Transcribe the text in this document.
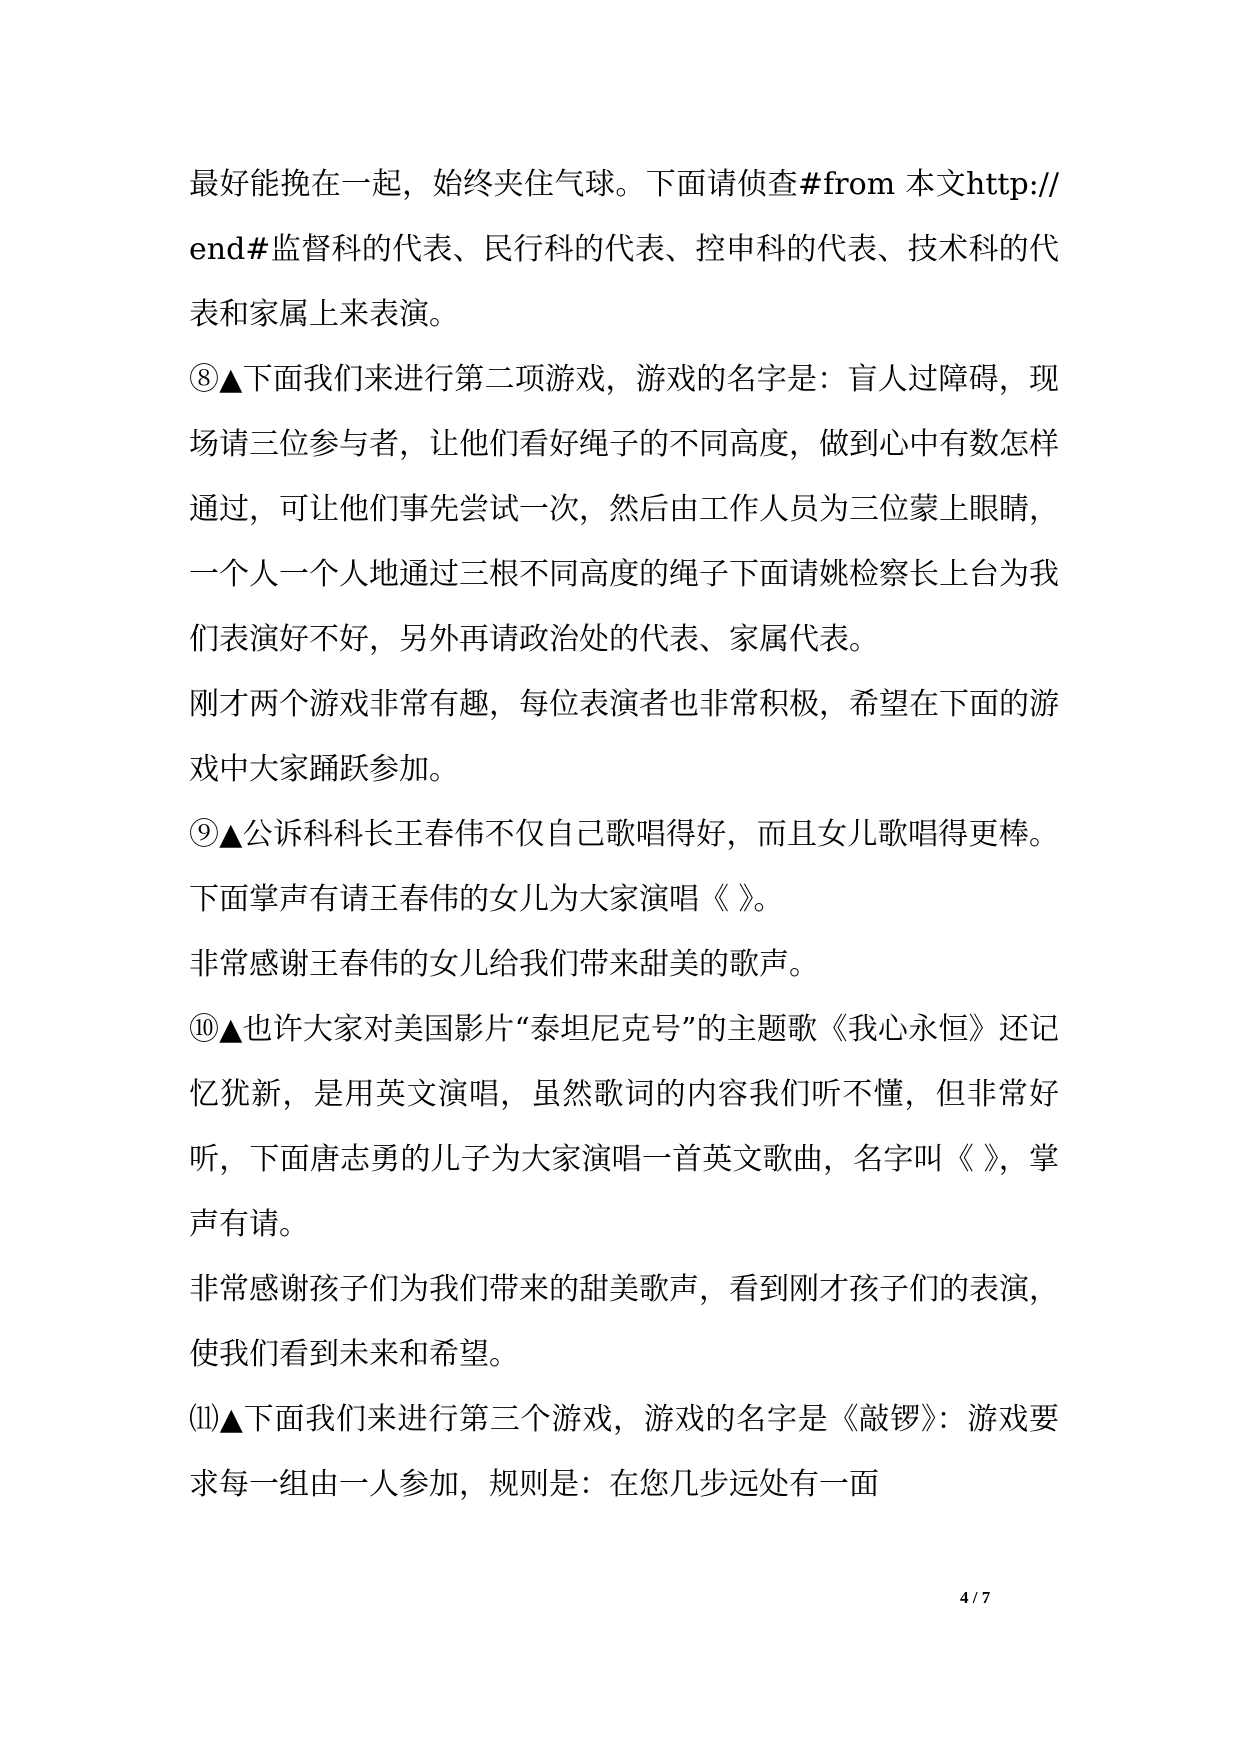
最好能挽在一起，始终夹住气球。下面请侦查#from 本文http:// end#监督科的代表、民行科的代表、控申科的代表、技术科的代表和家属上来表演。

⑧▲下面我们来进行第二项游戏，游戏的名字是：盲人过障碍，现场请三位参与者，让他们看好绳子的不同高度，做到心中有数怎样通过，可让他们事先尝试一次，然后由工作人员为三位蒙上眼睛，一个人一个人地通过三根不同高度的绳子下面请姚检察长上台为我们表演好不好，另外再请政治处的代表、家属代表。

刚才两个游戏非常有趣，每位表演者也非常积极，希望在下面的游戏中大家踊跃参加。

⑨▲公诉科科长王春伟不仅自己歌唱得好，而且女儿歌唱得更棒。下面掌声有请王春伟的女儿为大家演唱《 》。

非常感谢王春伟的女儿给我们带来甜美的歌声。

⑩▲也许大家对美国影片“泰坦尼克号”的主题歌《我心永恒》还记忆犹新，是用英文演唱，虽然歌词的内容我们听不懂，但非常好听，下面唐志勇的儿子为大家演唱一首英文歌曲，名字叫《 》，掌声有请。

非常感谢孩子们为我们带来的甜美歌声，看到刚才孩子们的表演，使我们看到未来和希望。

⑾▲下面我们来进行第三个游戏，游戏的名字是《敲锣》：游戏要求每一组由一人参加，规则是：在您几步远处有一面

4 / 7
